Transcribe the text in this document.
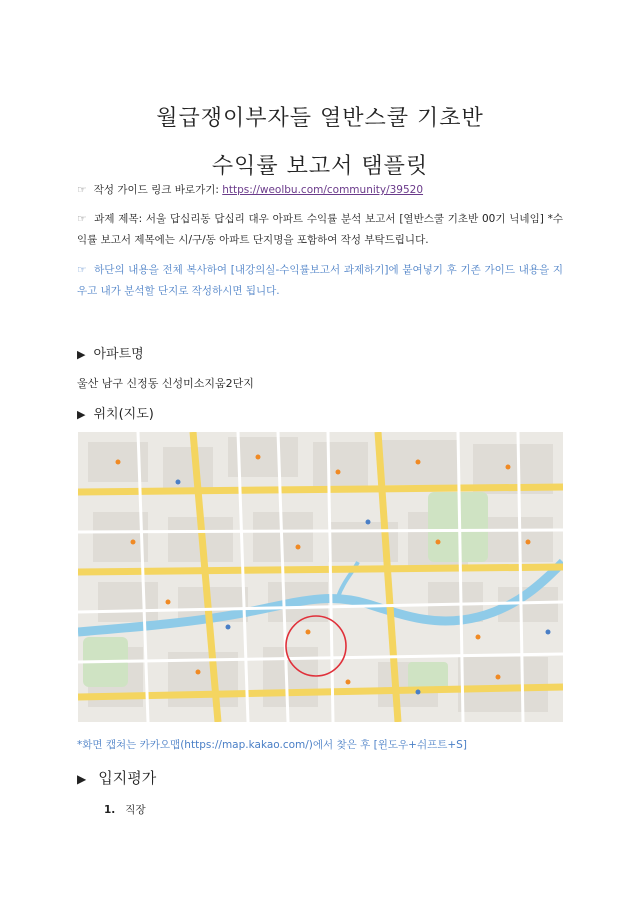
월급쟁이부자들 열반스쿨 기초반
수익률 보고서 탬플릿
☞ 작성 가이드 링크 바로가기: https://weolbu.com/community/39520
☞ 과제 제목: 서울 답십리동 답십리 대우 아파트 수익률 분석 보고서 [열반스쿨 기초반 00기 닉네임] *수익률 보고서 제목에는 시/구/동 아파트 단지명을 포함하여 작성 부탁드립니다.
☞ 하단의 내용을 전체 복사하여 [내강의실-수익률보고서 과제하기]에 붙여넣기 후 기존 가이드 내용을 지우고 내가 분석할 단지로 작성하시면 됩니다.
▶ 아파트명
울산 남구 신정동 신성미소지움2단지
▶ 위치(지도)
*화면 캡쳐는 카카오맵(https://map.kakao.com/)에서 찾은 후 [윈도우+쉬프트+S]
▶ 입지평가
1. 직장
